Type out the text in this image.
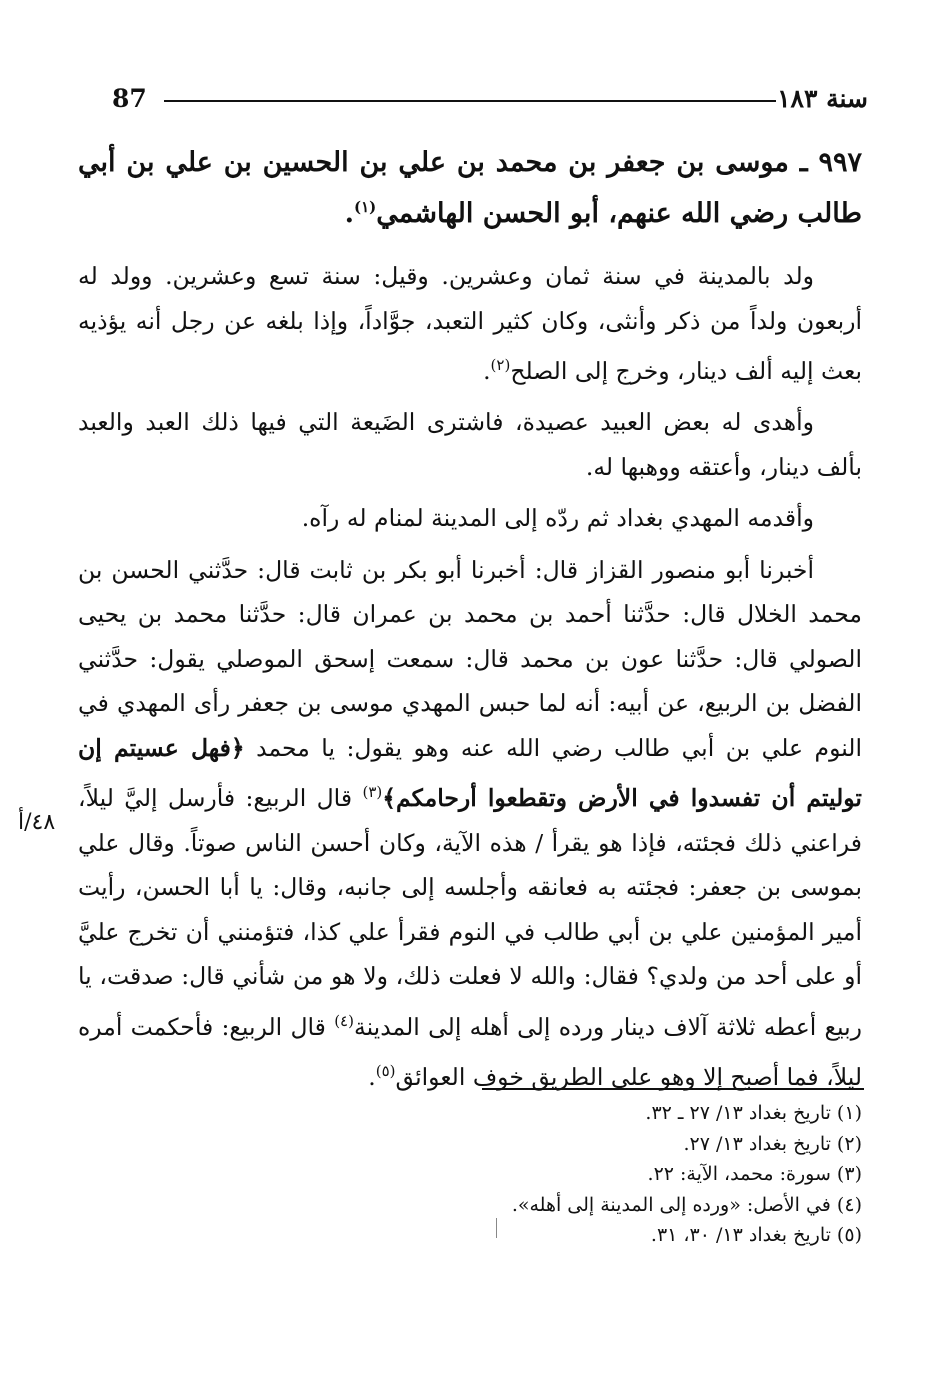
سنة ١٨٣
87
٩٩٧ ـ موسى بن جعفر بن محمد بن علي بن الحسين بن علي بن أبي طالب رضي الله عنهم، أبو الحسن الهاشمي$^{(١)}$.

ولد بالمدينة في سنة ثمان وعشرين. وقيل: سنة تسع وعشرين. وولد له أربعون ولداً من ذكر وأنثى، وكان كثير التعبد، جوَّاداً، وإذا بلغه عن رجل أنه يؤذيه بعث إليه ألف دينار، وخرج إلى الصلح$^{(٢)}$.

وأهدى له بعض العبيد عصيدة، فاشترى الضَيعة التي فيها ذلك العبد والعبد بألف دينار، وأعتقه ووهبها له.

وأقدمه المهدي بغداد ثم ردّه إلى المدينة لمنام له رآه.

أخبرنا أبو منصور القزاز قال: أخبرنا أبو بكر بن ثابت قال: حدَّثني الحسن بن محمد الخلال قال: حدَّثنا أحمد بن محمد بن عمران قال: حدَّثنا محمد بن يحيى الصولي قال: حدَّثنا عون بن محمد قال: سمعت إسحق الموصلي يقول: حدَّثني الفضل بن الربيع، عن أبيه: أنه لما حبس المهدي موسى بن جعفر رأى المهدي في النوم علي بن أبي طالب رضي الله عنه وهو يقول: يا محمد ﴿فهل عسيتم إن توليتم أن تفسدوا في الأرض وتقطعوا أرحامكم﴾$^{(٣)}$ قال الربيع: فأرسل إليَّ ليلاً، فراعني ذلك فجئته، فإذا هو يقرأ / هذه الآية، وكان أحسن الناس صوتاً. وقال علي بموسى بن جعفر: فجئته به فعانقه وأجلسه إلى جانبه، وقال: يا أبا الحسن، رأيت أمير المؤمنين علي بن أبي طالب في النوم فقرأ علي كذا، فتؤمنني أن تخرج عليَّ أو على أحد من ولدي؟ فقال: والله لا فعلت ذلك، ولا هو من شأني قال: صدقت، يا ربيع أعطه ثلاثة آلاف دينار ورده إلى أهله إلى المدينة$^{(٤)}$ قال الربيع: فأحكمت أمره ليلاً، فما أصبح إلا وهو على الطريق خوف العوائق$^{(٥)}$.

٤٨/أ

(١) تاريخ بغداد ١٣/ ٢٧ ـ ٣٢.

(٢) تاريخ بغداد ١٣/ ٢٧.

(٣) سورة: محمد، الآية: ٢٢.

(٤) في الأصل: «ورده إلى المدينة إلى أهله».

(٥) تاريخ بغداد ١٣/ ٣٠، ٣١.
